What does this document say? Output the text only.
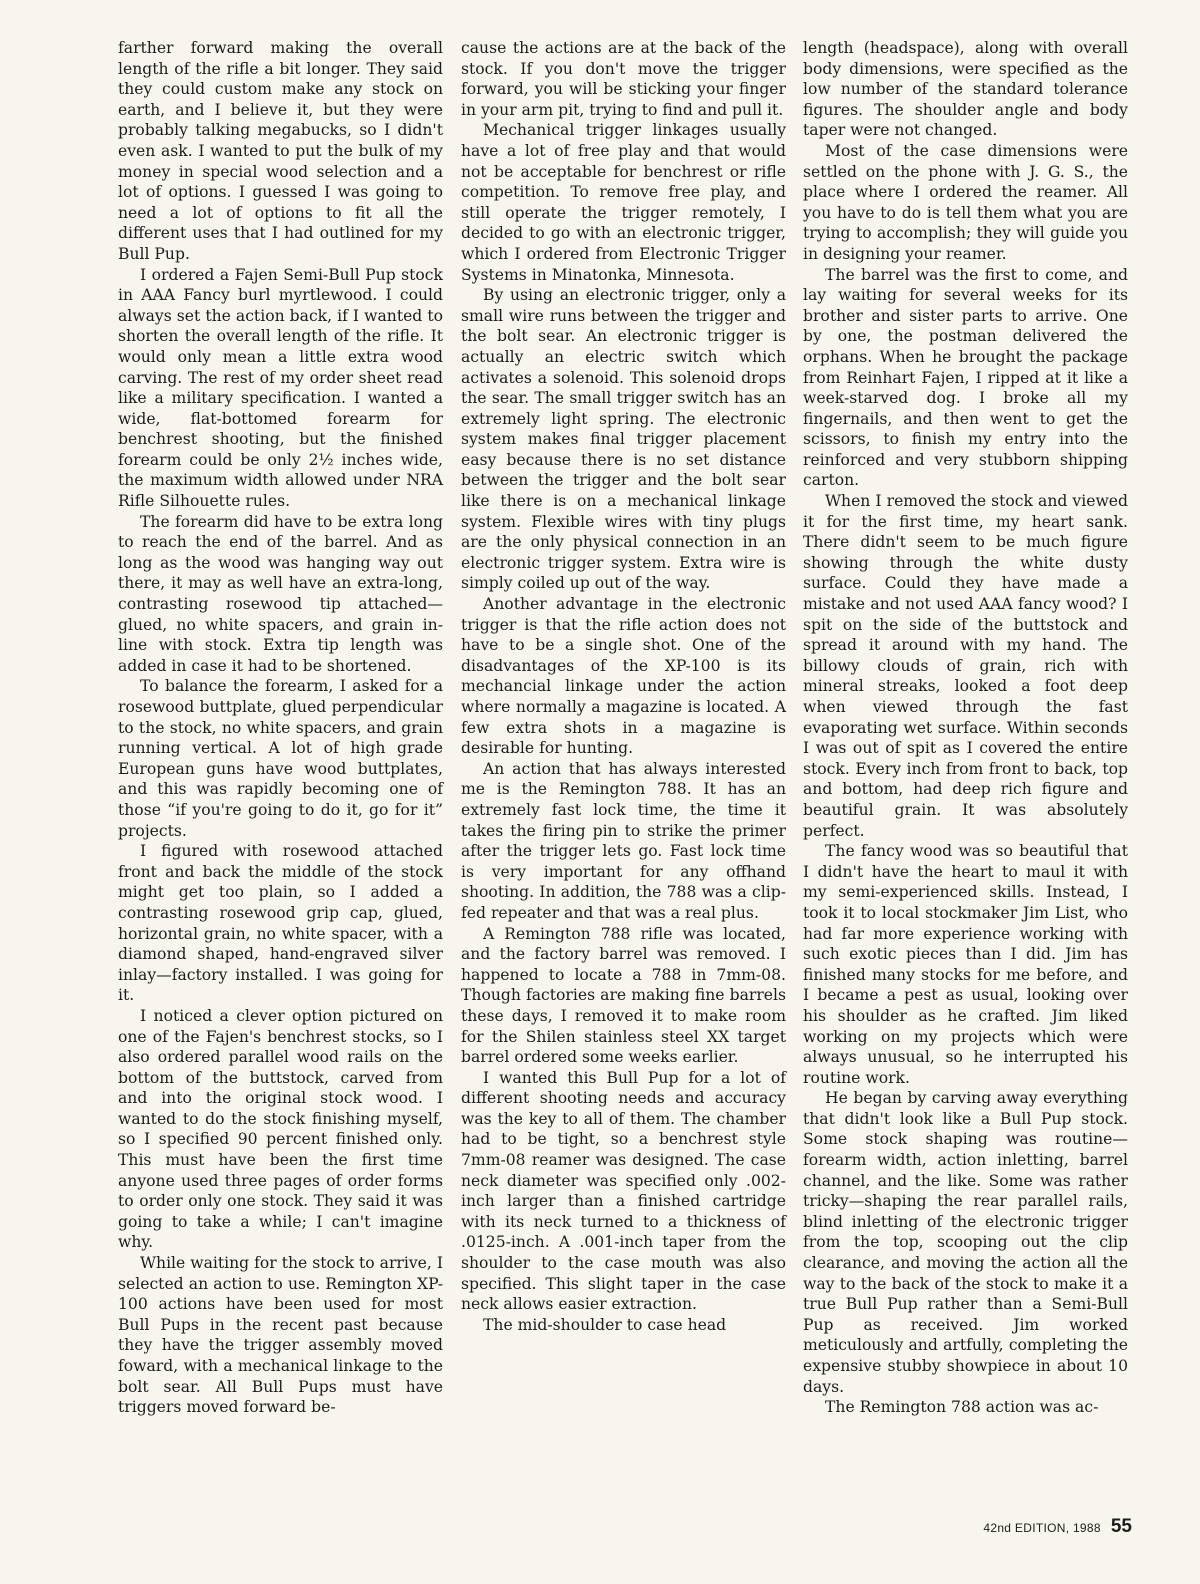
farther forward making the overall length of the rifle a bit longer. They said they could custom make any stock on earth, and I believe it, but they were probably talking megabucks, so I didn't even ask. I wanted to put the bulk of my money in special wood selection and a lot of options. I guessed I was going to need a lot of options to fit all the different uses that I had outlined for my Bull Pup.

I ordered a Fajen Semi-Bull Pup stock in AAA Fancy burl myrtlewood. I could always set the action back, if I wanted to shorten the overall length of the rifle. It would only mean a little extra wood carving. The rest of my order sheet read like a military specification. I wanted a wide, flat-bottomed forearm for benchrest shooting, but the finished forearm could be only 2½ inches wide, the maximum width allowed under NRA Rifle Silhouette rules.

The forearm did have to be extra long to reach the end of the barrel. And as long as the wood was hanging way out there, it may as well have an extra-long, contrasting rosewood tip attached—glued, no white spacers, and grain in-line with stock. Extra tip length was added in case it had to be shortened.

To balance the forearm, I asked for a rosewood buttplate, glued perpendicular to the stock, no white spacers, and grain running vertical. A lot of high grade European guns have wood buttplates, and this was rapidly becoming one of those “if you're going to do it, go for it” projects.

I figured with rosewood attached front and back the middle of the stock might get too plain, so I added a contrasting rosewood grip cap, glued, horizontal grain, no white spacer, with a diamond shaped, hand-engraved silver inlay—factory installed. I was going for it.

I noticed a clever option pictured on one of the Fajen's benchrest stocks, so I also ordered parallel wood rails on the bottom of the buttstock, carved from and into the original stock wood. I wanted to do the stock finishing myself, so I specified 90 percent finished only. This must have been the first time anyone used three pages of order forms to order only one stock. They said it was going to take a while; I can't imagine why.

While waiting for the stock to arrive, I selected an action to use. Remington XP-100 actions have been used for most Bull Pups in the recent past because they have the trigger assembly moved foward, with a mechanical linkage to the bolt sear. All Bull Pups must have triggers moved forward be-

cause the actions are at the back of the stock. If you don't move the trigger forward, you will be sticking your finger in your arm pit, trying to find and pull it.

Mechanical trigger linkages usually have a lot of free play and that would not be acceptable for benchrest or rifle competition. To remove free play, and still operate the trigger remotely, I decided to go with an electronic trigger, which I ordered from Electronic Trigger Systems in Minatonka, Minnesota.

By using an electronic trigger, only a small wire runs between the trigger and the bolt sear. An electronic trigger is actually an electric switch which activates a solenoid. This solenoid drops the sear. The small trigger switch has an extremely light spring. The electronic system makes final trigger placement easy because there is no set distance between the trigger and the bolt sear like there is on a mechanical linkage system. Flexible wires with tiny plugs are the only physical connection in an electronic trigger system. Extra wire is simply coiled up out of the way.

Another advantage in the electronic trigger is that the rifle action does not have to be a single shot. One of the disadvantages of the XP-100 is its mechancial linkage under the action where normally a magazine is located. A few extra shots in a magazine is desirable for hunting.

An action that has always interested me is the Remington 788. It has an extremely fast lock time, the time it takes the firing pin to strike the primer after the trigger lets go. Fast lock time is very important for any offhand shooting. In addition, the 788 was a clip-fed repeater and that was a real plus.

A Remington 788 rifle was located, and the factory barrel was removed. I happened to locate a 788 in 7mm-08. Though factories are making fine barrels these days, I removed it to make room for the Shilen stainless steel XX target barrel ordered some weeks earlier.

I wanted this Bull Pup for a lot of different shooting needs and accuracy was the key to all of them. The chamber had to be tight, so a benchrest style 7mm-08 reamer was designed. The case neck diameter was specified only .002-inch larger than a finished cartridge with its neck turned to a thickness of .0125-inch. A .001-inch taper from the shoulder to the case mouth was also specified. This slight taper in the case neck allows easier extraction.

The mid-shoulder to case head

length (headspace), along with overall body dimensions, were specified as the low number of the standard tolerance figures. The shoulder angle and body taper were not changed.

Most of the case dimensions were settled on the phone with J. G. S., the place where I ordered the reamer. All you have to do is tell them what you are trying to accomplish; they will guide you in designing your reamer.

The barrel was the first to come, and lay waiting for several weeks for its brother and sister parts to arrive. One by one, the postman delivered the orphans. When he brought the package from Reinhart Fajen, I ripped at it like a week-starved dog. I broke all my fingernails, and then went to get the scissors, to finish my entry into the reinforced and very stubborn shipping carton.

When I removed the stock and viewed it for the first time, my heart sank. There didn't seem to be much figure showing through the white dusty surface. Could they have made a mistake and not used AAA fancy wood? I spit on the side of the buttstock and spread it around with my hand. The billowy clouds of grain, rich with mineral streaks, looked a foot deep when viewed through the fast evaporating wet surface. Within seconds I was out of spit as I covered the entire stock. Every inch from front to back, top and bottom, had deep rich figure and beautiful grain. It was absolutely perfect.

The fancy wood was so beautiful that I didn't have the heart to maul it with my semi-experienced skills. Instead, I took it to local stockmaker Jim List, who had far more experience working with such exotic pieces than I did. Jim has finished many stocks for me before, and I became a pest as usual, looking over his shoulder as he crafted. Jim liked working on my projects which were always unusual, so he interrupted his routine work.

He began by carving away everything that didn't look like a Bull Pup stock. Some stock shaping was routine—forearm width, action inletting, barrel channel, and the like. Some was rather tricky—shaping the rear parallel rails, blind inletting of the electronic trigger from the top, scooping out the clip clearance, and moving the action all the way to the back of the stock to make it a true Bull Pup rather than a Semi-Bull Pup as received. Jim worked meticulously and artfully, completing the expensive stubby showpiece in about 10 days.

The Remington 788 action was ac-

42nd EDITION, 1988 55
